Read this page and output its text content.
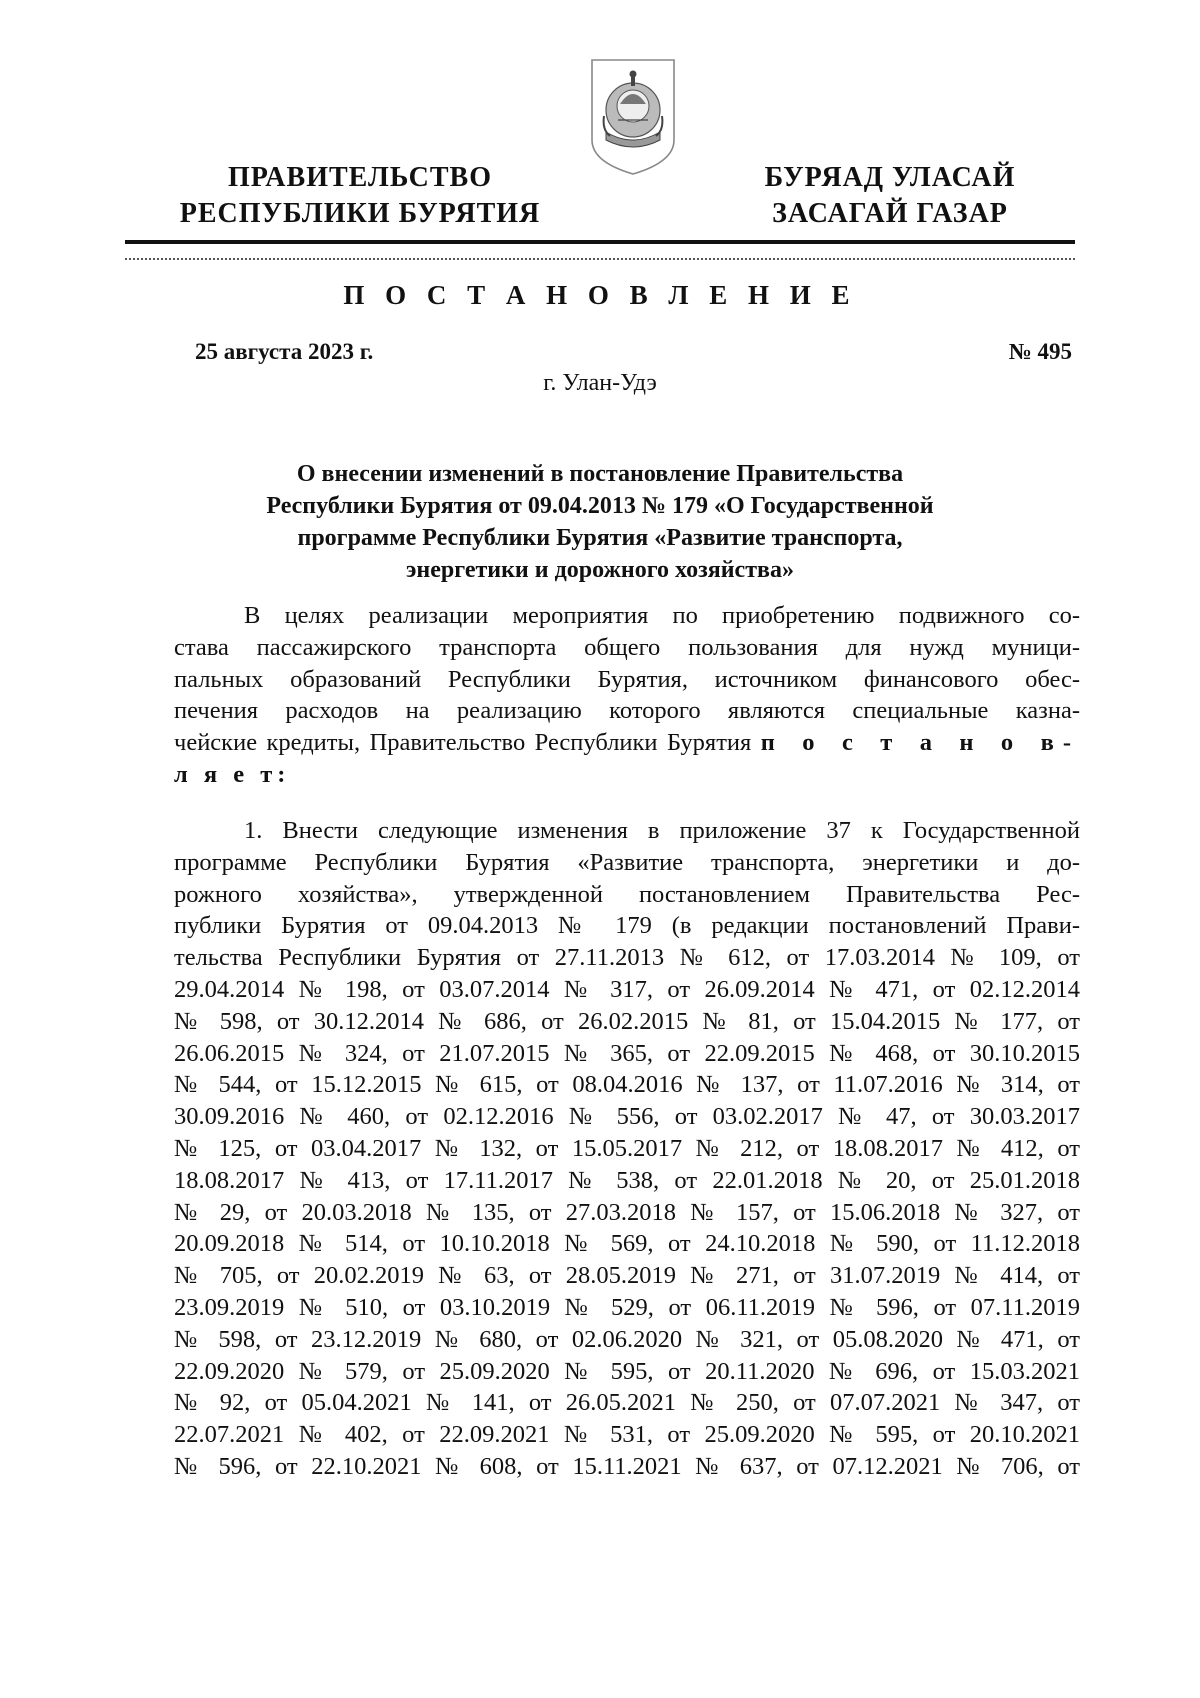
ПРАВИТЕЛЬСТВО
РЕСПУБЛИКИ БУРЯТИЯ
БУРЯАД УЛАСАЙ
ЗАСАГАЙ ГАЗАР
П О С Т А Н О В Л Е Н И Е
25 августа 2023 г.	№ 495
г. Улан-Удэ
О внесении изменений в постановление Правительства
Республики Бурятия от 09.04.2013 № 179 «О Государственной
программе Республики Бурятия «Развитие транспорта,
энергетики и дорожного хозяйства»
В целях реализации мероприятия по приобретению подвижного со-
става пассажирского транспорта общего пользования для нужд муници-
пальных образований Республики Бурятия, источником финансового обес-
печения расходов на реализацию которого являются специальные казна-
чейские кредиты, Правительство Республики Бурятия п о с т а н о в-
л я е т:
1. Внести следующие изменения в приложение 37 к Государственной
программе Республики Бурятия «Развитие транспорта, энергетики и до-
рожного хозяйства», утвержденной постановлением Правительства Рес-
публики Бурятия от 09.04.2013 № 179 (в редакции постановлений Прави-
тельства Республики Бурятия от 27.11.2013 № 612, от 17.03.2014 № 109, от
29.04.2014 № 198, от 03.07.2014 № 317, от 26.09.2014 № 471, от 02.12.2014
№ 598, от 30.12.2014 № 686, от 26.02.2015 № 81, от 15.04.2015 № 177, от
26.06.2015 № 324, от 21.07.2015 № 365, от 22.09.2015 № 468, от 30.10.2015
№ 544, от 15.12.2015 № 615, от 08.04.2016 № 137, от 11.07.2016 № 314, от
30.09.2016 № 460, от 02.12.2016 № 556, от 03.02.2017 № 47, от 30.03.2017
№ 125, от 03.04.2017 № 132, от 15.05.2017 № 212, от 18.08.2017 № 412, от
18.08.2017 № 413, от 17.11.2017 № 538, от 22.01.2018 № 20, от 25.01.2018
№ 29, от 20.03.2018 № 135, от 27.03.2018 № 157, от 15.06.2018 № 327, от
20.09.2018 № 514, от 10.10.2018 № 569, от 24.10.2018 № 590, от 11.12.2018
№ 705, от 20.02.2019 № 63, от 28.05.2019 № 271, от 31.07.2019 № 414, от
23.09.2019 № 510, от 03.10.2019 № 529, от 06.11.2019 № 596, от 07.11.2019
№ 598, от 23.12.2019 № 680, от 02.06.2020 № 321, от 05.08.2020 № 471, от
22.09.2020 № 579, от 25.09.2020 № 595, от 20.11.2020 № 696, от 15.03.2021
№ 92, от 05.04.2021 № 141, от 26.05.2021 № 250, от 07.07.2021 № 347, от
22.07.2021 № 402, от 22.09.2021 № 531, от 25.09.2020 № 595, от 20.10.2021
№ 596, от 22.10.2021 № 608, от 15.11.2021 № 637, от 07.12.2021 № 706, от
